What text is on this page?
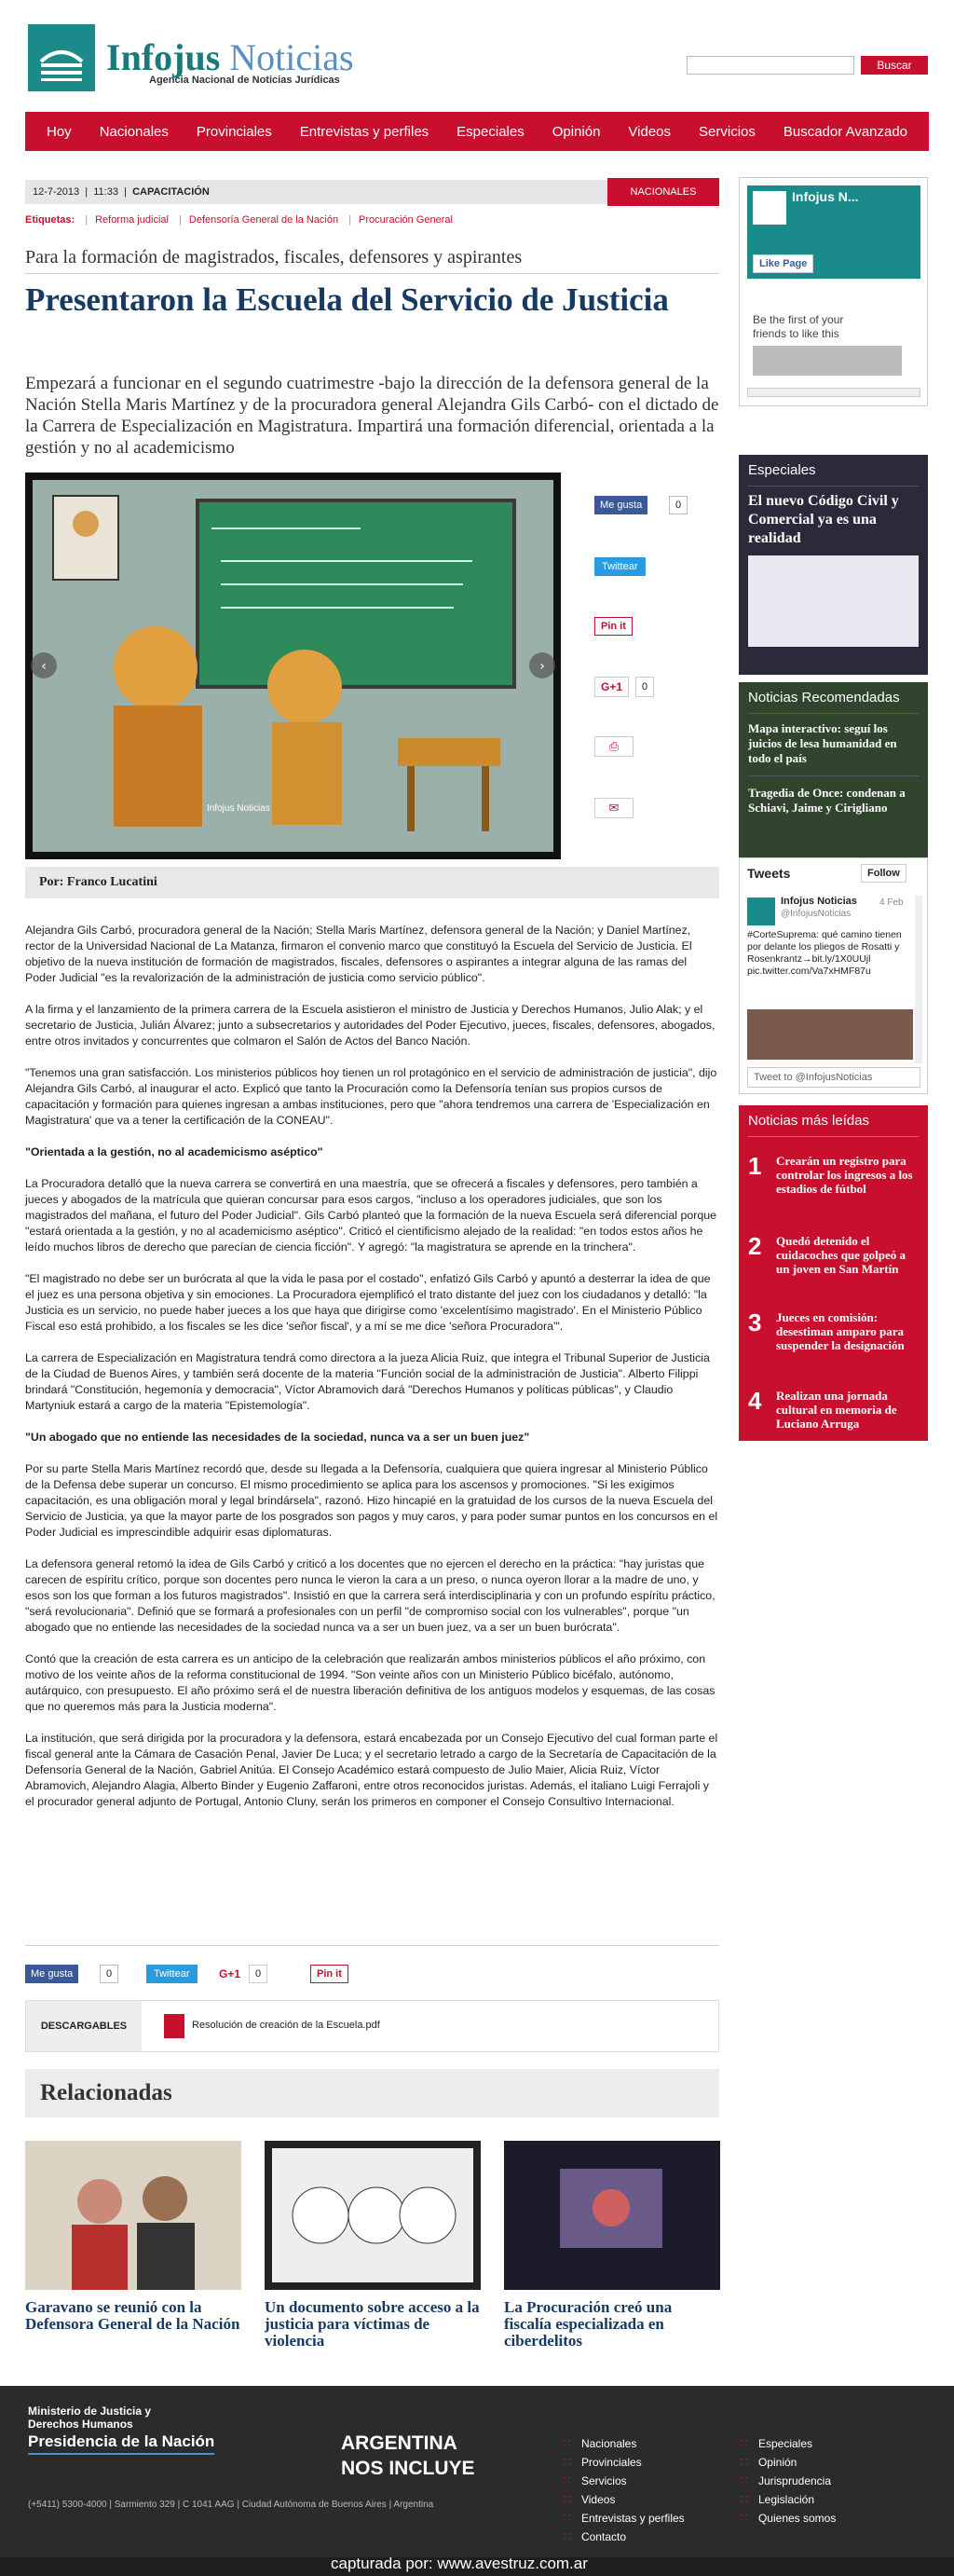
Infojus Noticias
Agencia Nacional de Noticias Jurídicas
Buscar
Hoy	Nacionales	Provinciales	Entrevistas y perfiles	Especiales	Opinión	Videos	Servicios	Buscador Avanzado
12-7-2013  |  11:33  |  CAPACITACIÓN	NACIONALES
Etiquetas: | Reforma judicial | Defensoría General de la Nación | Procuración General
Para la formación de magistrados, fiscales, defensores y aspirantes
Presentaron la Escuela del Servicio de Justicia
Empezará a funcionar en el segundo cuatrimestre -bajo la dirección de la defensora general de la Nación Stella Maris Martínez y de la procuradora general Alejandra Gils Carbó- con el dictado de la Carrera de Especialización en Magistratura. Impartirá una formación diferencial, orientada a la gestión y no al academicismo
‹	›
Infojus Noticias
Me gusta	0
Twittear
Pin it
G+1	0
⎙
✉
Por: Franco Lucatini

Alejandra Gils Carbó, procuradora general de la Nación; Stella Maris Martínez, defensora general de la Nación; y Daniel Martínez, rector de la Universidad Nacional de La Matanza, firmaron el convenio marco que constituyó la Escuela del Servicio de Justicia. El objetivo de la nueva institución de formación de magistrados, fiscales, defensores o aspirantes a integrar alguna de las ramas del Poder Judicial "es la revalorización de la administración de justicia como servicio público".

A la firma y el lanzamiento de la primera carrera de la Escuela asistieron el ministro de Justicia y Derechos Humanos, Julio Alak; y el secretario de Justicia, Julián Álvarez; junto a subsecretarios y autoridades del Poder Ejecutivo, jueces, fiscales, defensores, abogados, entre otros invitados y concurrentes que colmaron el Salón de Actos del Banco Nación.

"Tenemos una gran satisfacción. Los ministerios públicos hoy tienen un rol protagónico en el servicio de administración de justicia", dijo Alejandra Gils Carbó, al inaugurar el acto. Explicó que tanto la Procuración como la Defensoría tenían sus propios cursos de capacitación y formación para quienes ingresan a ambas instituciones, pero que "ahora tendremos una carrera de 'Especialización en Magistratura' que va a tener la certificación de la CONEAU".

"Orientada a la gestión, no al academicismo aséptico"

La Procuradora detalló que la nueva carrera se convertirá en una maestría, que se ofrecerá a fiscales y defensores, pero también a jueces y abogados de la matrícula que quieran concursar para esos cargos, "incluso a los operadores judiciales, que son los magistrados del mañana, el futuro del Poder Judicial". Gils Carbó planteó que la formación de la nueva Escuela será diferencial porque "estará orientada a la gestión, y no al academicismo aséptico". Criticó el cientificismo alejado de la realidad: "en todos estos años he leído muchos libros de derecho que parecían de ciencia ficción". Y agregó: "la magistratura se aprende en la trinchera".

"El magistrado no debe ser un burócrata al que la vida le pasa por el costado", enfatizó Gils Carbó y apuntó a desterrar la idea de que el juez es una persona objetiva y sin emociones. La Procuradora ejemplificó el trato distante del juez con los ciudadanos y detalló: "la Justicia es un servicio, no puede haber jueces a los que haya que dirigirse como 'excelentísimo magistrado'. En el Ministerio Público Fiscal eso está prohibido, a los fiscales se les dice 'señor fiscal', y a mí se me dice 'señora Procuradora'".

La carrera de Especialización en Magistratura tendrá como directora a la jueza Alicia Ruiz, que integra el Tribunal Superior de Justicia de la Ciudad de Buenos Aires, y también será docente de la materia "Función social de la administración de Justicia". Alberto Filippi brindará "Constitución, hegemonía y democracia", Víctor Abramovich dará "Derechos Humanos y políticas públicas", y Claudio Martyniuk estará a cargo de la materia "Epistemología".

"Un abogado que no entiende las necesidades de la sociedad, nunca va a ser un buen juez"

Por su parte Stella Maris Martínez recordó que, desde su llegada a la Defensoría, cualquiera que quiera ingresar al Ministerio Público de la Defensa debe superar un concurso. El mismo procedimiento se aplica para los ascensos y promociones. "Si les exigimos capacitación, es una obligación moral y legal brindársela", razonó. Hizo hincapié en la gratuidad de los cursos de la nueva Escuela del Servicio de Justicia, ya que la mayor parte de los posgrados son pagos y muy caros, y para poder sumar puntos en los concursos en el Poder Judicial es imprescindible adquirir esas diplomaturas.

La defensora general retomó la idea de Gils Carbó y criticó a los docentes que no ejercen el derecho en la práctica: "hay juristas que carecen de espíritu crítico, porque son docentes pero nunca le vieron la cara a un preso, o nunca oyeron llorar a la madre de uno, y esos son los que forman a los futuros magistrados". Insistió en que la carrera será interdisciplinaria y con un profundo espíritu práctico, "será revolucionaria". Definió que se formará a profesionales con un perfil "de compromiso social con los vulnerables", porque "un abogado que no entiende las necesidades de la sociedad nunca va a ser un buen juez, va a ser un buen burócrata".

Contó que la creación de esta carrera es un anticipo de la celebración que realizarán ambos ministerios públicos el año próximo, con motivo de los veinte años de la reforma constitucional de 1994. "Son veinte años con un Ministerio Público bicéfalo, autónomo, autárquico, con presupuesto. El año próximo será el de nuestra liberación definitiva de los antiguos modelos y esquemas, de las cosas que no queremos más para la Justicia moderna".

La institución, que será dirigida por la procuradora y la defensora, estará encabezada por un Consejo Ejecutivo del cual forman parte el fiscal general ante la Cámara de Casación Penal, Javier De Luca; y el secretario letrado a cargo de la Secretaría de Capacitación de la Defensoría General de la Nación, Gabriel Anitúa. El Consejo Académico estará compuesto de Julio Maier, Alicia Ruiz, Víctor Abramovich, Alejandro Alagia, Alberto Binder y Eugenio Zaffaroni, entre otros reconocidos juristas. Además, el italiano Luigi Ferrajoli y el procurador general adjunto de Portugal, Antonio Cluny, serán los primeros en componer el Consejo Consultivo Internacional.

Me gusta	0	Twittear	G+1	0	Pin it
DESCARGABLES	Resolución de creación de la Escuela.pdf
Relacionadas
Garavano se reunió con la Defensora General de la Nación
Un documento sobre acceso a la justicia para víctimas de violencia
La Procuración creó una fiscalía especializada en ciberdelitos
Infojus N...
Like Page
Be the first of your friends to like this
Especiales
El nuevo Código Civil y Comercial ya es una realidad
Noticias Recomendadas
Mapa interactivo: seguí los juicios de lesa humanidad en todo el país
Tragedia de Once: condenan a Schiavi, Jaime y Cirigliano
Tweets	Follow
Infojus Noticias
@InfojusNoticias
4 Feb
#CorteSuprema: qué camino tienen por delante los pliegos de Rosatti y Rosenkrantz→bit.ly/1X0UUjl pic.twitter.com/Va7xHMF87u
Tweet to @InfojusNoticias
Noticias más leídas
1 Crearán un registro para controlar los ingresos a los estadios de fútbol
2 Quedó detenido el cuidacoches que golpeó a un joven en San Martín
3 Jueces en comisión: desestiman amparo para suspender la designación
4 Realizan una jornada cultural en memoria de Luciano Arruga
Ministerio de Justicia y Derechos Humanos
Presidencia de la Nación	ARGENTINA
NOS INCLUYE
(+5411) 5300-4000 | Sarmiento 329 | C 1041 AAG | Ciudad Autónoma de Buenos Aires | Argentina
∷ Nacionales
∷ Provinciales
∷ Servicios
∷ Videos
∷ Entrevistas y perfiles
∷ Contacto
∷ Especiales
∷ Opinión
∷ Jurisprudencia
∷ Legislación
∷ Quienes somos
capturada por: www.avestruz.com.ar
